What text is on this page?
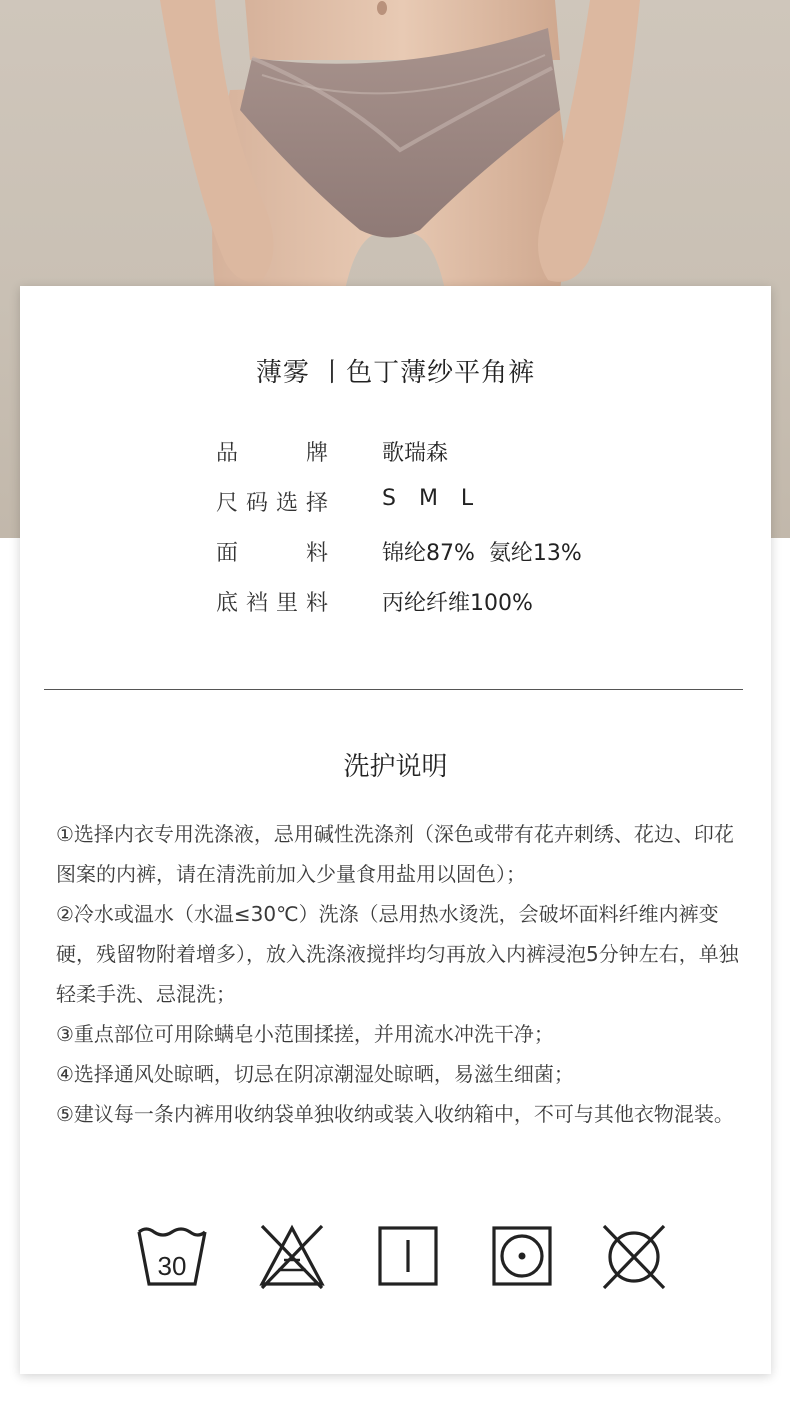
薄雾 丨色丁薄纱平角裤
品牌 歌瑞森
尺码选择 S M L
面料 锦纶87%  氨纶13%
底裆里料 丙纶纤维100%
洗护说明

①选择内衣专用洗涤液，忌用碱性洗涤剂（深色或带有花卉刺绣、花边、印花图案的内裤，请在清洗前加入少量食用盐用以固色）；

②冷水或温水（水温≤30℃）洗涤（忌用热水烫洗，会破坏面料纤维内裤变硬，残留物附着增多），放入洗涤液搅拌均匀再放入内裤浸泡5分钟左右，单独轻柔手洗、忌混洗；

③重点部位可用除螨皂小范围揉搓，并用流水冲洗干净；

④选择通风处晾晒，切忌在阴凉潮湿处晾晒，易滋生细菌；

⑤建议每一条内裤用收纳袋单独收纳或装入收纳箱中，不可与其他衣物混装。

30
